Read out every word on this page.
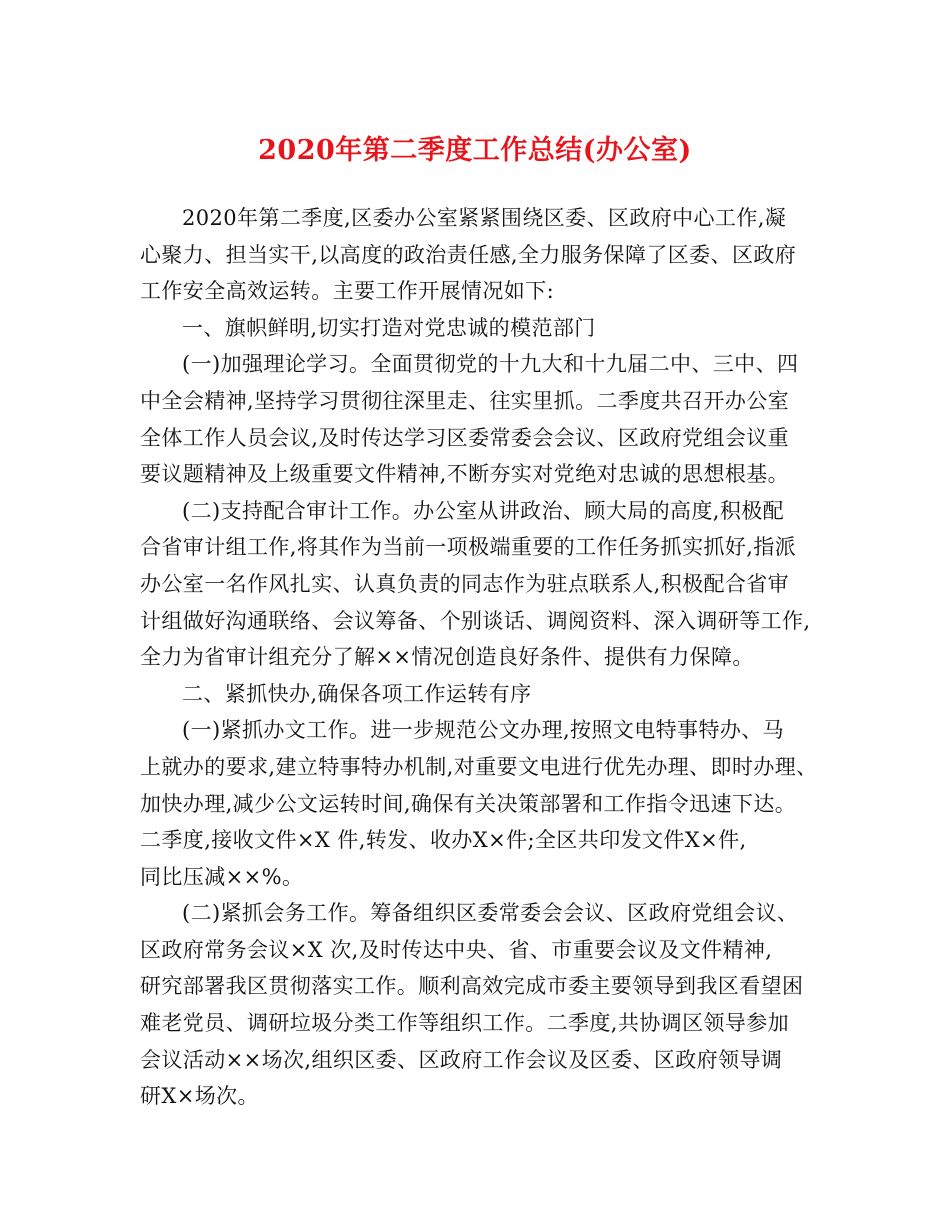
2020年第二季度工作总结(办公室)
2020年第二季度,区委办公室紧紧围绕区委、区政府中心工作,凝
心聚力、担当实干,以高度的政治责任感,全力服务保障了区委、区政府
工作安全高效运转。主要工作开展情况如下:
一、旗帜鲜明,切实打造对党忠诚的模范部门
(一)加强理论学习。全面贯彻党的十九大和十九届二中、三中、四
中全会精神,坚持学习贯彻往深里走、往实里抓。二季度共召开办公室
全体工作人员会议,及时传达学习区委常委会会议、区政府党组会议重
要议题精神及上级重要文件精神,不断夯实对党绝对忠诚的思想根基。
(二)支持配合审计工作。办公室从讲政治、顾大局的高度,积极配
合省审计组工作,将其作为当前一项极端重要的工作任务抓实抓好,指派
办公室一名作风扎实、认真负责的同志作为驻点联系人,积极配合省审
计组做好沟通联络、会议筹备、个别谈话、调阅资料、深入调研等工作,
全力为省审计组充分了解××情况创造良好条件、提供有力保障。
二、紧抓快办,确保各项工作运转有序
(一)紧抓办文工作。进一步规范公文办理,按照文电特事特办、马
上就办的要求,建立特事特办机制,对重要文电进行优先办理、即时办理、
加快办理,减少公文运转时间,确保有关决策部署和工作指令迅速下达。
二季度,接收文件×Χ 件,转发、收办Χ×件;全区共印发文件Χ×件,
同比压减××%。
(二)紧抓会务工作。筹备组织区委常委会会议、区政府党组会议、
区政府常务会议×Χ 次,及时传达中央、省、市重要会议及文件精神,
研究部署我区贯彻落实工作。顺利高效完成市委主要领导到我区看望困
难老党员、调研垃圾分类工作等组织工作。二季度,共协调区领导参加
会议活动××场次,组织区委、区政府工作会议及区委、区政府领导调
研Χ×场次。
